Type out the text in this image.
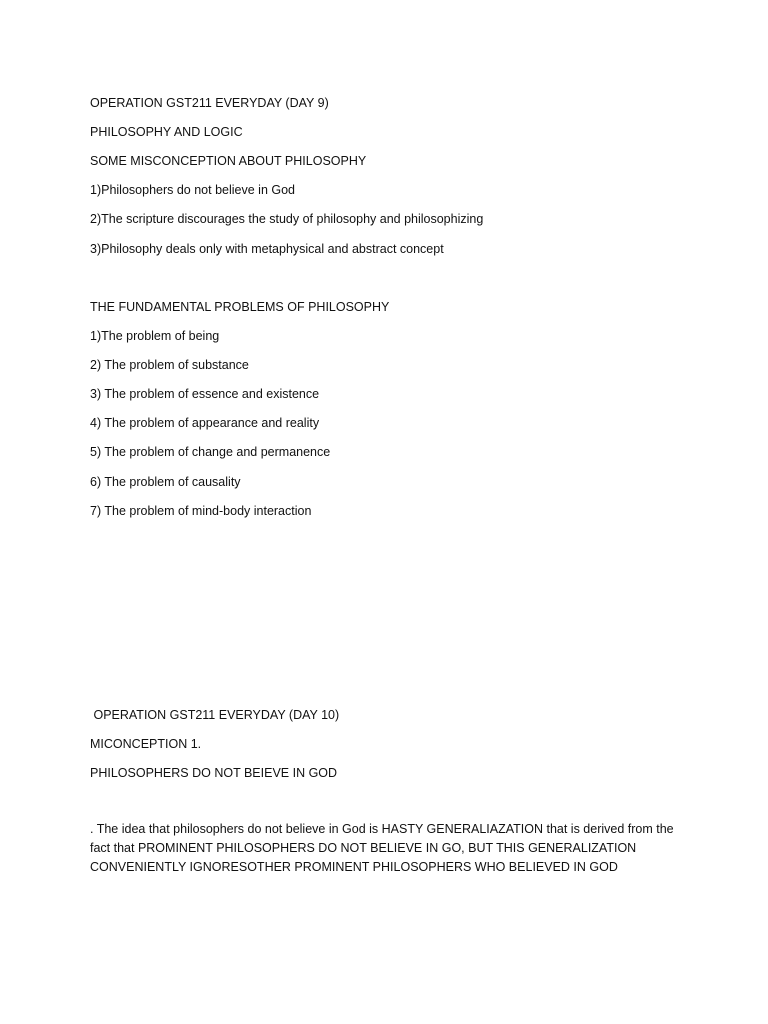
OPERATION GST211 EVERYDAY (DAY 9)

PHILOSOPHY AND LOGIC

SOME MISCONCEPTION ABOUT PHILOSOPHY

1)Philosophers do not believe in God

2)The scripture discourages the study of philosophy and philosophizing

3)Philosophy deals only with metaphysical and abstract concept

THE FUNDAMENTAL PROBLEMS OF PHILOSOPHY

1)The problem of being

2) The problem of substance

3) The problem of essence and existence

4) The problem of appearance and reality

5) The problem of change and permanence

6) The problem of causality

7) The problem of mind-body interaction

OPERATION GST211 EVERYDAY (DAY 10)

MICONCEPTION 1.

PHILOSOPHERS DO NOT BEIEVE IN GOD

. The idea that philosophers do not believe in God is HASTY GENERALIAZATION that is derived from the
fact that PROMINENT PHILOSOPHERS DO NOT BELIEVE IN GO, BUT THIS GENERALIZATION
CONVENIENTLY IGNORESOTHER PROMINENT PHILOSOPHERS WHO BELIEVED IN GOD
